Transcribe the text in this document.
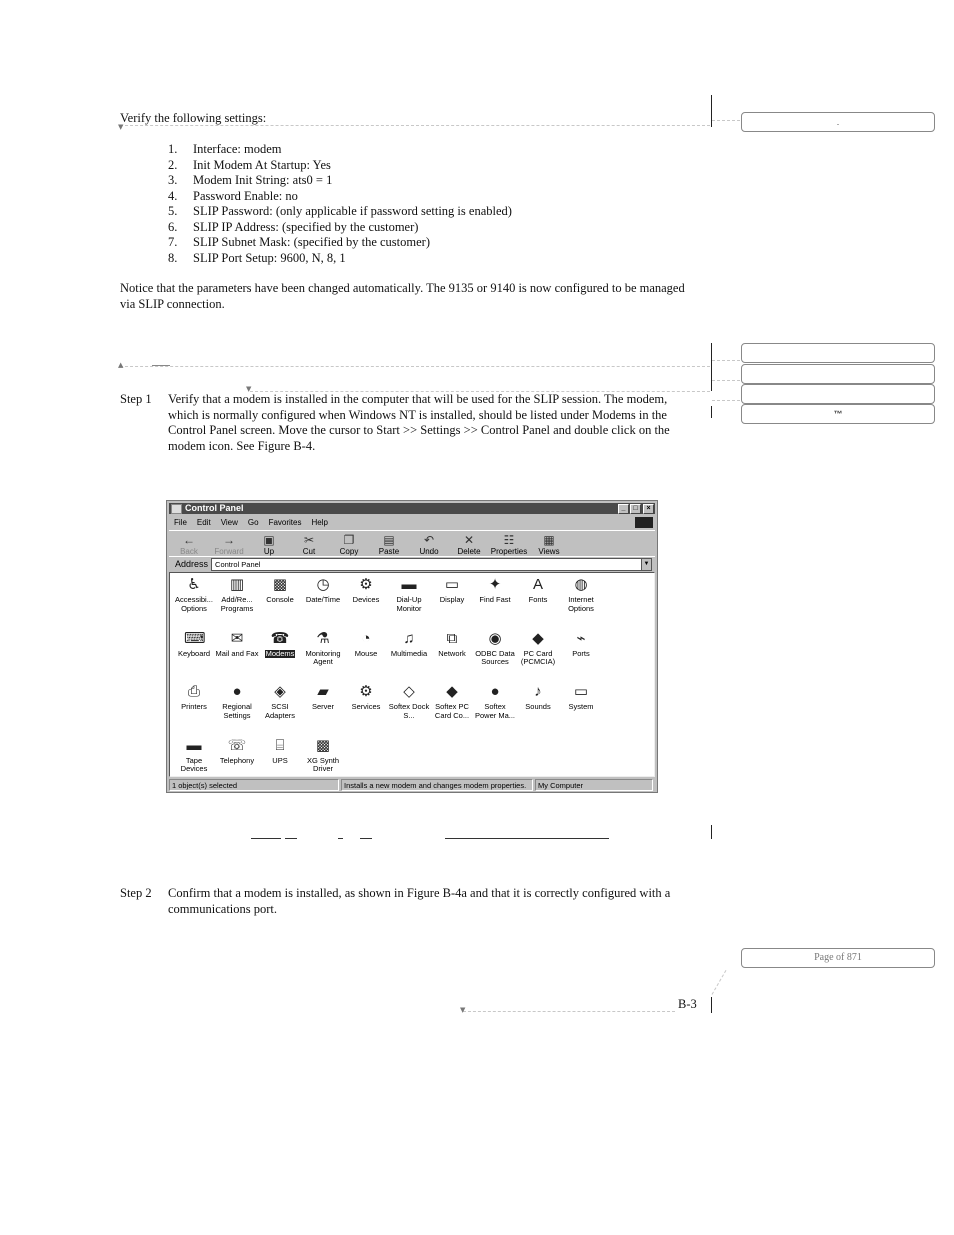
Verify the following settings:
1.	Interface: modem
2.	Init Modem At Startup: Yes
3.	Modem Init String: ats0 = 1
4.	Password Enable: no
5.	SLIP Password: (only applicable if password setting is enabled)
6.	SLIP IP Address: (specified by the customer)
7.	SLIP Subnet Mask: (specified by the customer)
8.	SLIP Port Setup: 9600, N, 8, 1
Notice that the parameters have been changed automatically. The 9135 or 9140 is now configured to be managed via SLIP connection.
Step 1	Verify that a modem is installed in the computer that will be used for the SLIP session. The modem, which is normally configured when Windows NT is installed, should be listed under Modems in the Control Panel screen. Move the cursor to Start >> Settings >> Control Panel and double click on the modem icon. See Figure B-4.
Step 2	Confirm that a modem is installed, as shown in Figure B-4a and that it is correctly configured with a communications port.
B-3
▼
▲
▼
▼
.
™
Page of 871
Control Panel	_	□	×
File Edit View Go Favorites Help
←
Back
→
Forward
▣
Up
✂
Cut
❐
Copy
▤
Paste
↶
Undo
✕
Delete
☷
Properties
▦
Views
Address Control Panel	▼
♿
Accessibi... Options
▥
Add/Re... Programs
▩
Console
◷
Date/Time
⚙
Devices
▬
Dial-Up Monitor
▭
Display
✦
Find Fast
A
Fonts
◍
Internet Options
⌨
Keyboard
✉
Mail and Fax
☎
Modems
⚗
Monitoring Agent
◔
Mouse
♫
Multimedia
⧉
Network
◉
ODBC Data Sources
◆
PC Card (PCMCIA)
⌁
Ports
⎙
Printers
●
Regional Settings
◈
SCSI Adapters
▰
Server
⚙
Services
◇
Softex Dock S...
◆
Softex PC Card Co...
●
Softex Power Ma...
♪
Sounds
▭
System
▬
Tape Devices
☏
Telephony
⌸
UPS
▩
XG Synth Driver
1 object(s) selected	Installs a new modem and changes modem properties.	My Computer
